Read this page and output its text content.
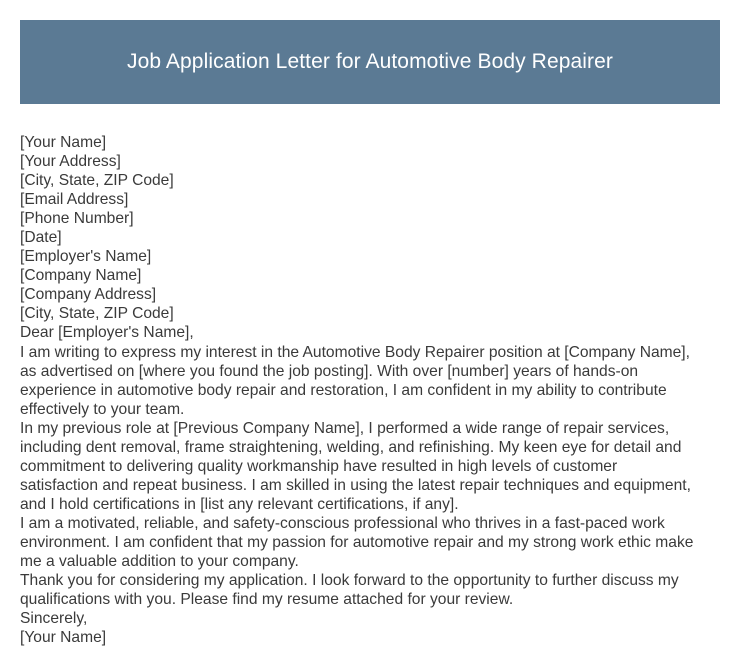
Job Application Letter for Automotive Body Repairer
[Your Name]
[Your Address]
[City, State, ZIP Code]
[Email Address]
[Phone Number]
[Date]
[Employer's Name]
[Company Name]
[Company Address]
[City, State, ZIP Code]
Dear [Employer's Name],
I am writing to express my interest in the Automotive Body Repairer position at [Company Name],
as advertised on [where you found the job posting]. With over [number] years of hands-on
experience in automotive body repair and restoration, I am confident in my ability to contribute
effectively to your team.
In my previous role at [Previous Company Name], I performed a wide range of repair services,
including dent removal, frame straightening, welding, and refinishing. My keen eye for detail and
commitment to delivering quality workmanship have resulted in high levels of customer
satisfaction and repeat business. I am skilled in using the latest repair techniques and equipment,
and I hold certifications in [list any relevant certifications, if any].
I am a motivated, reliable, and safety-conscious professional who thrives in a fast-paced work
environment. I am confident that my passion for automotive repair and my strong work ethic make
me a valuable addition to your company.
Thank you for considering my application. I look forward to the opportunity to further discuss my
qualifications with you. Please find my resume attached for your review.
Sincerely,
[Your Name]
